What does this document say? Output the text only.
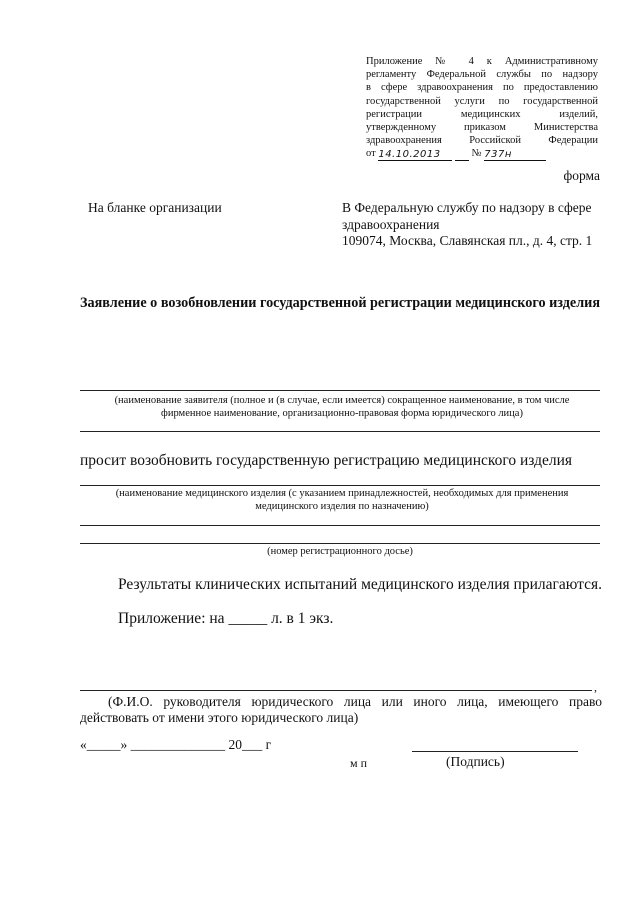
Приложение № 4 к Административному
регламенту Федеральной службы по надзору
в сфере здравоохранения по предоставлению
государственной услуги по государственной
регистрации медицинских изделий,
утвержденному приказом Министерства
здравоохранения Российской Федерации
от 14.10.2013	№ 737н
форма
На бланке организации	В Федеральную службу по надзору в сфере
здравоохранения
109074, Москва, Славянская пл., д. 4, стр. 1
Заявление о возобновлении государственной регистрации медицинского изделия
(наименование заявителя (полное и (в случае, если имеется) сокращенное наименование, в том числе фирменное наименование, организационно-правовая форма юридического лица)
просит возобновить государственную регистрацию медицинского изделия
(наименование медицинского изделия (с указанием принадлежностей, необходимых для применения медицинского изделия по назначению)
(номер регистрационного досье)
Результаты клинических испытаний медицинского изделия прилагаются.
Приложение: на _____ л. в 1 экз.
,
(Ф.И.О. руководителя юридического лица или иного лица, имеющего право действовать от имени этого юридического лица)
«_____» ______________ 20___ г
м п	(Подпись)
